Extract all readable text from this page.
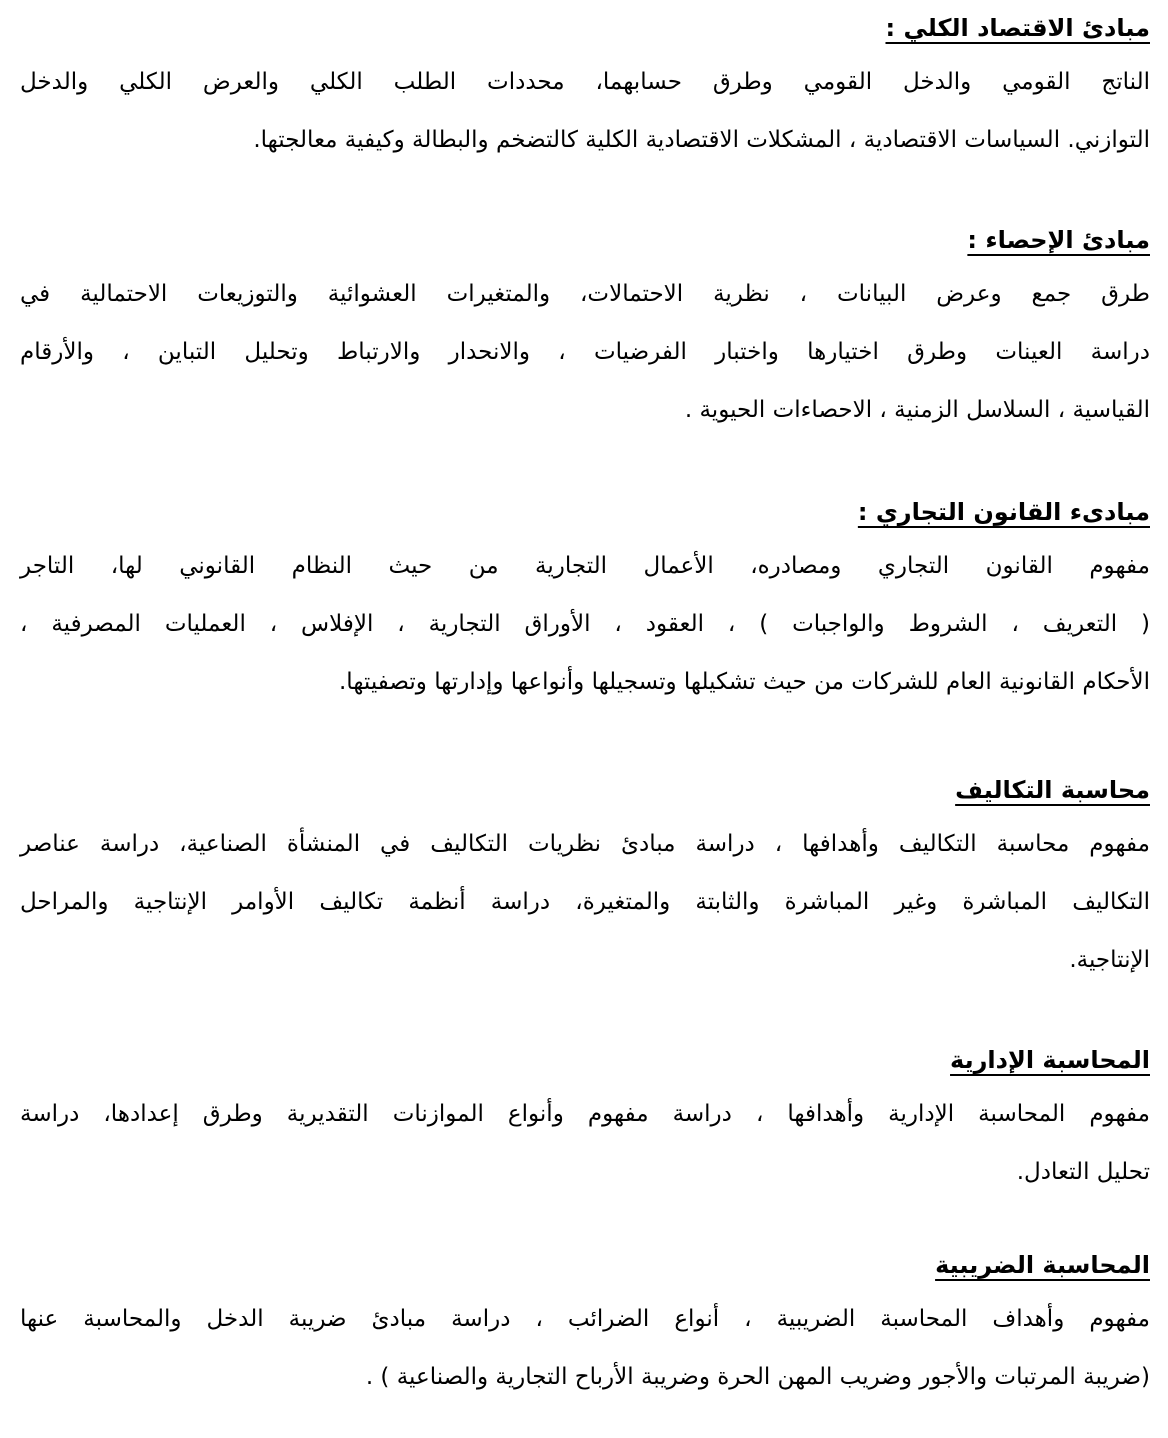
مبادئ الاقتصاد الكلي :
الناتج القومي والدخل القومي وطرق حسابهما، محددات الطلب الكلي والعرض الكلي والدخل
التوازني. السياسات الاقتصادية ، المشكلات الاقتصادية الكلية كالتضخم والبطالة وكيفية معالجتها.
مبادئ الإحصاء :
طرق جمع وعرض البيانات ، نظرية الاحتمالات، والمتغيرات العشوائية والتوزيعات الاحتمالية في
دراسة العينات وطرق اختيارها واختبار الفرضيات ، والانحدار والارتباط وتحليل التباين ، والأرقام
القياسية ، السلاسل الزمنية ، الاحصاءات الحيوية .
مبادىء القانون التجاري :
مفهوم القانون التجاري ومصادره، الأعمال التجارية من حيث النظام القانوني لها، التاجر
( التعريف ، الشروط والواجبات ) ، العقود ، الأوراق التجارية ، الإفلاس ، العمليات المصرفية ،
الأحكام القانونية العام للشركات من حيث تشكيلها وتسجيلها وأنواعها وإدارتها وتصفيتها.
محاسبة التكاليف
مفهوم محاسبة التكاليف وأهدافها ، دراسة مبادئ نظريات التكاليف في المنشأة الصناعية، دراسة عناصر
التكاليف المباشرة وغير المباشرة والثابتة والمتغيرة، دراسة أنظمة تكاليف الأوامر الإنتاجية والمراحل
الإنتاجية.
المحاسبة الإدارية
مفهوم المحاسبة الإدارية وأهدافها ، دراسة مفهوم وأنواع الموازنات التقديرية وطرق إعدادها، دراسة
تحليل التعادل.
المحاسبة الضريبية
مفهوم وأهداف المحاسبة الضريبية ، أنواع الضرائب ، دراسة مبادئ ضريبة الدخل والمحاسبة عنها
(ضريبة المرتبات والأجور وضريب المهن الحرة وضريبة الأرباح التجارية والصناعية ) .
